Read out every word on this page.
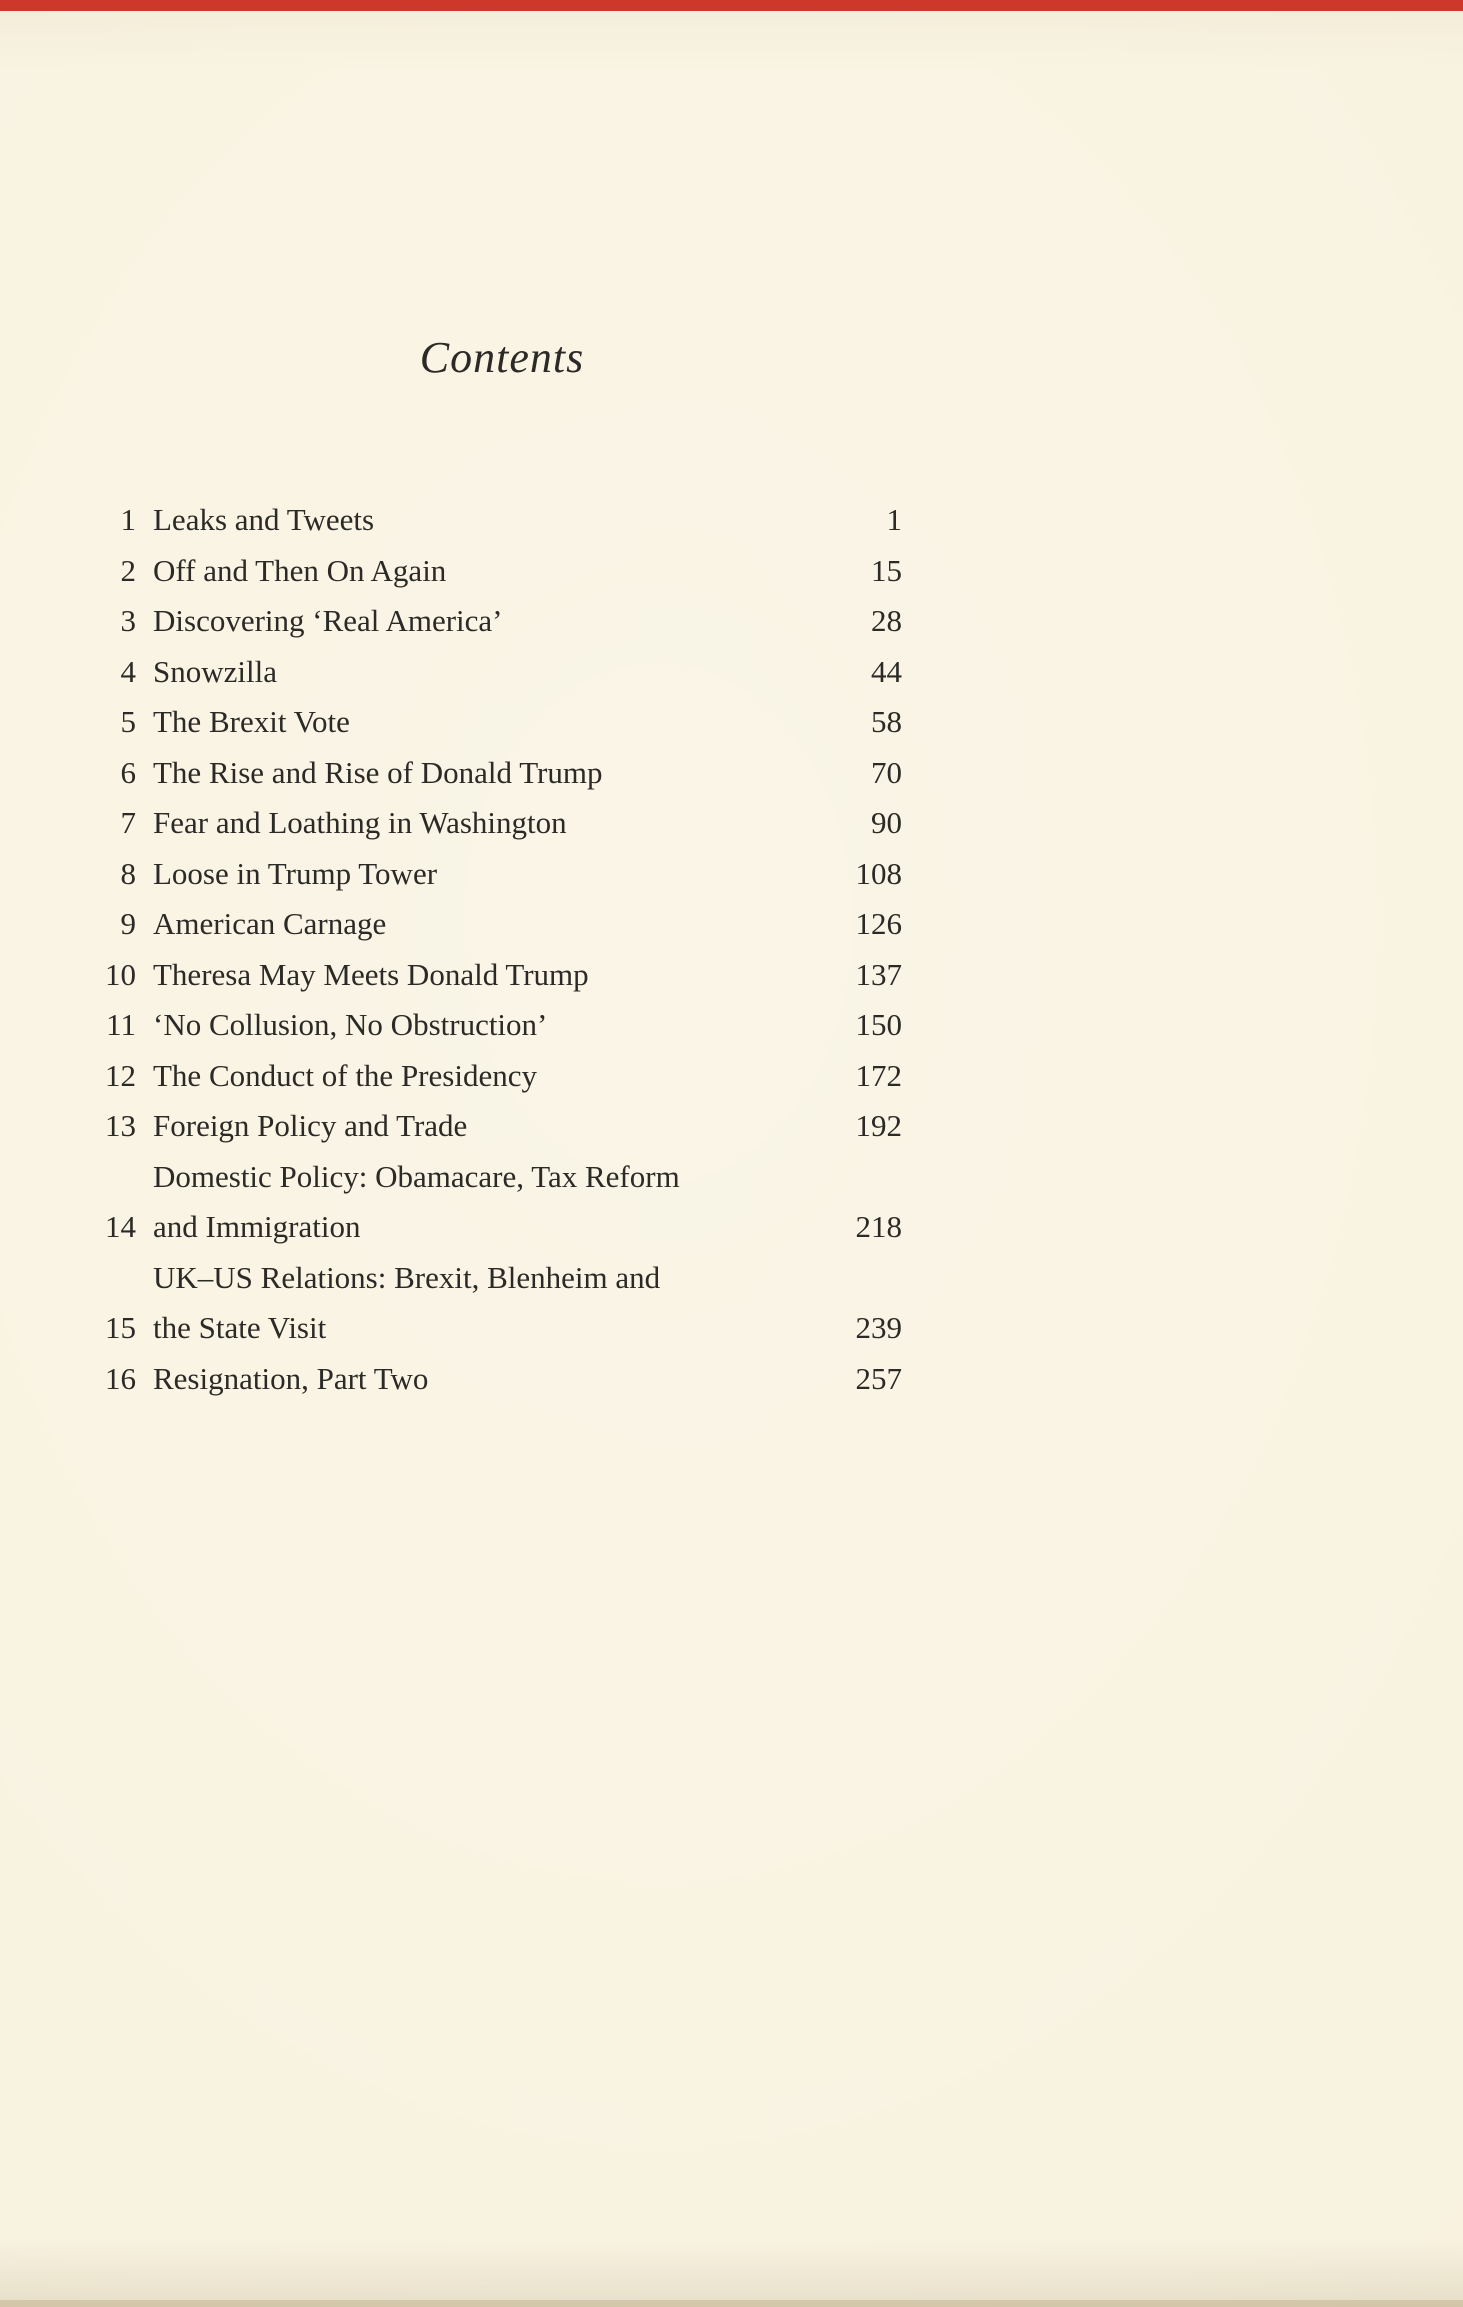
Contents
1 Leaks and Tweets	1
2 Off and Then On Again	15
3 Discovering ‘Real America’	28
4 Snowzilla	44
5 The Brexit Vote	58
6 The Rise and Rise of Donald Trump	70
7 Fear and Loathing in Washington	90
8 Loose in Trump Tower	108
9 American Carnage	126
10 Theresa May Meets Donald Trump	137
11 ‘No Collusion, No Obstruction’	150
12 The Conduct of the Presidency	172
13 Foreign Policy and Trade	192
14
Domestic Policy: Obamacare, Tax Reform
and Immigration	218
15
UK–US Relations: Brexit, Blenheim and
the State Visit	239
16 Resignation, Part Two	257
